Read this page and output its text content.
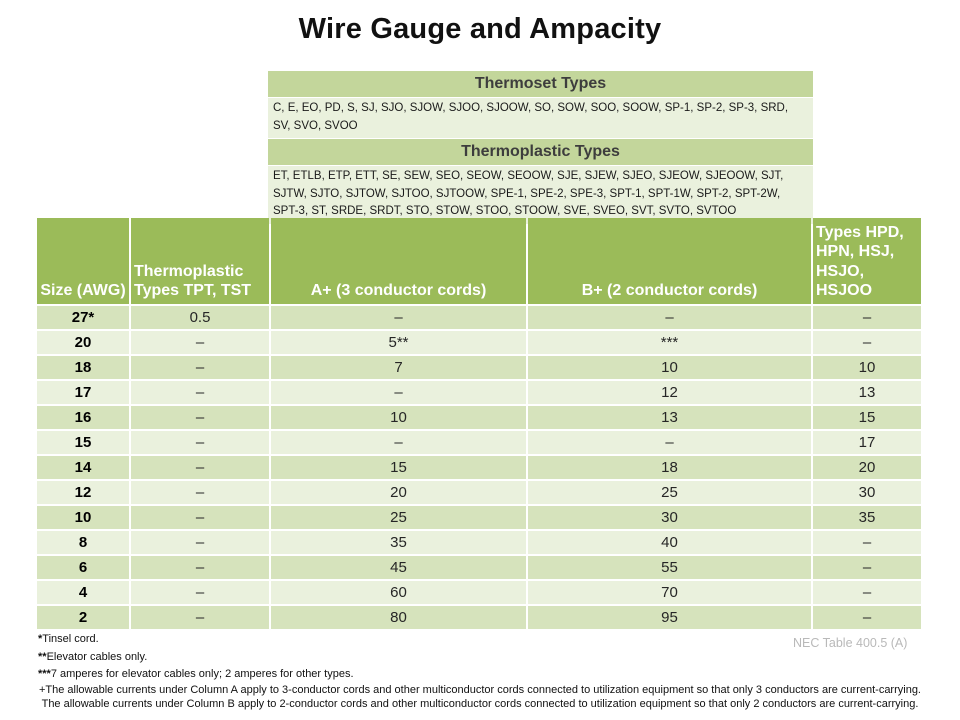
Wire Gauge and Ampacity
Thermoset Types
C, E, EO, PD, S, SJ, SJO, SJOW, SJOO, SJOOW, SO, SOW, SOO, SOOW, SP-1, SP-2, SP-3, SRD, SV, SVO, SVOO
Thermoplastic Types
ET, ETLB, ETP, ETT, SE, SEW, SEO, SEOW, SEOOW, SJE, SJEW, SJEO, SJEOW, SJEOOW, SJT, SJTW, SJTO, SJTOW, SJTOO, SJTOOW, SPE-1, SPE-2, SPE-3, SPT-1, SPT-1W, SPT-2, SPT-2W, SPT-3, ST, SRDE, SRDT, STO, STOW, STOO, STOOW, SVE, SVEO, SVT, SVTO, SVTOO
Size (AWG)	Thermoplastic Types TPT, TST	A+ (3 conductor cords)	B+ (2 conductor cords)	Types HPD, HPN, HSJ, HSJO, HSJOO
27*	0.5	–	–	–
20	–	5**	***	–
18	–	7	10	10
17	–	–	12	13
16	–	10	13	15
15	–	–	–	17
14	–	15	18	20
12	–	20	25	30
10	–	25	30	35
8	–	35	40	–
6	–	45	55	–
4	–	60	70	–
2	–	80	95	–
*Tinsel cord.
**Elevator cables only.
***7 amperes for elevator cables only; 2 amperes for other types.
NEC Table 400.5 (A)
+The allowable currents under Column A apply to 3-conductor cords and other multiconductor cords connected to utilization equipment so that only 3 conductors are current-carrying. The allowable currents under Column B apply to 2-conductor cords and other multiconductor cords connected to utilization equipment so that only 2 conductors are current-carrying.
